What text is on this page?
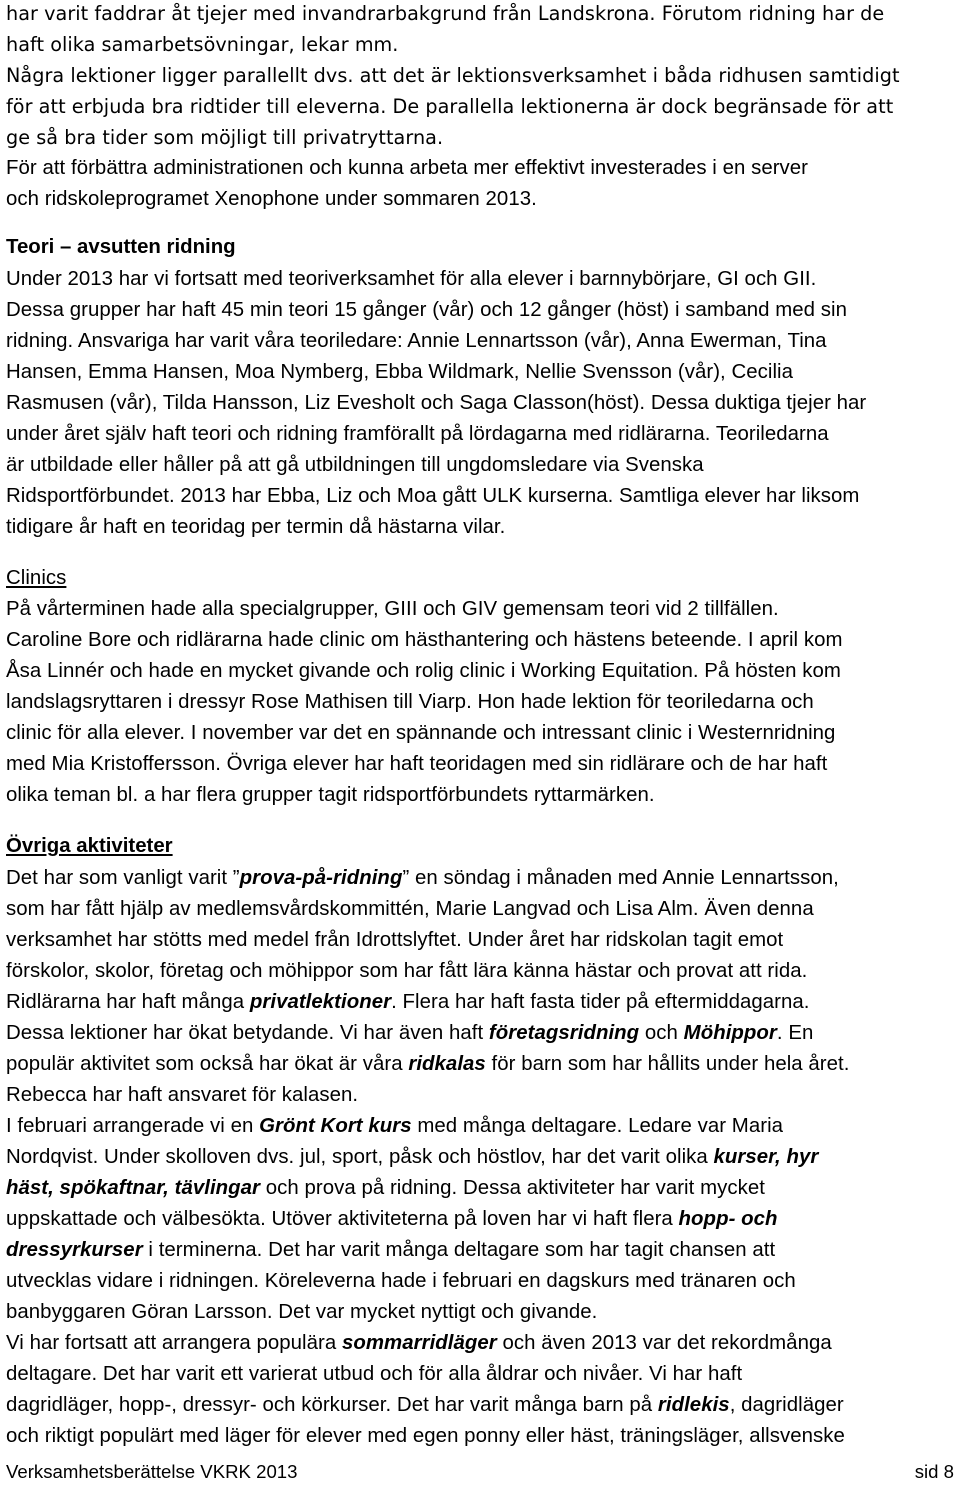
har varit faddrar åt tjejer med invandrarbakgrund från Landskrona. Förutom ridning har de
haft olika samarbetsövningar, lekar mm.
Några lektioner ligger parallellt dvs. att det är lektionsverksamhet i båda ridhusen samtidigt
för att erbjuda bra ridtider till eleverna. De parallella lektionerna är dock begränsade för att
ge så bra tider som möjligt till privatryttarna.
För att förbättra administrationen och kunna arbeta mer effektivt investerades i en server
och ridskoleprogramet Xenophone under sommaren 2013.
Teori – avsutten ridning
Under 2013 har vi fortsatt med teoriverksamhet för alla elever i barnnybörjare, GI och GII.
Dessa grupper har haft 45 min teori 15 gånger (vår) och 12 gånger (höst) i samband med sin
ridning. Ansvariga har varit våra teoriledare: Annie Lennartsson (vår), Anna Ewerman, Tina
Hansen, Emma Hansen, Moa Nymberg, Ebba Wildmark, Nellie Svensson (vår), Cecilia
Rasmusen (vår), Tilda Hansson, Liz Evesholt och Saga Classon(höst). Dessa duktiga tjejer har
under året själv haft teori och ridning framförallt på lördagarna med ridlärarna. Teoriledarna
är utbildade eller håller på att gå utbildningen till ungdomsledare via Svenska
Ridsportförbundet. 2013 har Ebba, Liz och Moa gått ULK kurserna. Samtliga elever har liksom
tidigare år haft en teoridag per termin då hästarna vilar.
Clinics
På vårterminen hade alla specialgrupper, GIII och GIV gemensam teori vid 2 tillfällen.
Caroline Bore och ridlärarna hade clinic om hästhantering och hästens beteende. I april kom
Åsa Linnér och hade en mycket givande och rolig clinic i Working Equitation. På hösten kom
landslagsryttaren i dressyr Rose Mathisen till Viarp. Hon hade lektion för teoriledarna och
clinic för alla elever. I november var det en spännande och intressant clinic i Westernridning
med Mia Kristoffersson. Övriga elever har haft teoridagen med sin ridlärare och de har haft
olika teman bl. a har flera grupper tagit ridsportförbundets ryttarmärken.
Övriga aktiviteter
Det har som vanligt varit ”prova-på-ridning” en söndag i månaden med Annie Lennartsson,
som har fått hjälp av medlemsvårdskommittén, Marie Langvad och Lisa Alm. Även denna
verksamhet har stötts med medel från Idrottslyftet. Under året har ridskolan tagit emot
förskolor, skolor, företag och möhippor som har fått lära känna hästar och provat att rida.
Ridlärarna har haft många privatlektioner. Flera har haft fasta tider på eftermiddagarna.
Dessa lektioner har ökat betydande. Vi har även haft företagsridning och Möhippor. En
populär aktivitet som också har ökat är våra ridkalas för barn som har hållits under hela året.
Rebecca har haft ansvaret för kalasen.
I februari arrangerade vi en Grönt Kort kurs med många deltagare. Ledare var Maria
Nordqvist. Under skolloven dvs. jul, sport, påsk och höstlov, har det varit olika kurser, hyr
häst, spökaftnar, tävlingar och prova på ridning. Dessa aktiviteter har varit mycket
uppskattade och välbesökta. Utöver aktiviteterna på loven har vi haft flera hopp- och
dressyrkurser i terminerna. Det har varit många deltagare som har tagit chansen att
utvecklas vidare i ridningen. Köreleverna hade i februari en dagskurs med tränaren och
banbyggaren Göran Larsson. Det var mycket nyttigt och givande.
Vi har fortsatt att arrangera populära sommarridläger och även 2013 var det rekordmånga
deltagare. Det har varit ett varierat utbud och för alla åldrar och nivåer. Vi har haft
dagridläger, hopp-, dressyr- och körkurser. Det har varit många barn på ridlekis, dagridläger
och riktigt populärt med läger för elever med egen ponny eller häst, träningsläger, allsvenske
Verksamhetsberättelse VKRK 2013	sid 8
